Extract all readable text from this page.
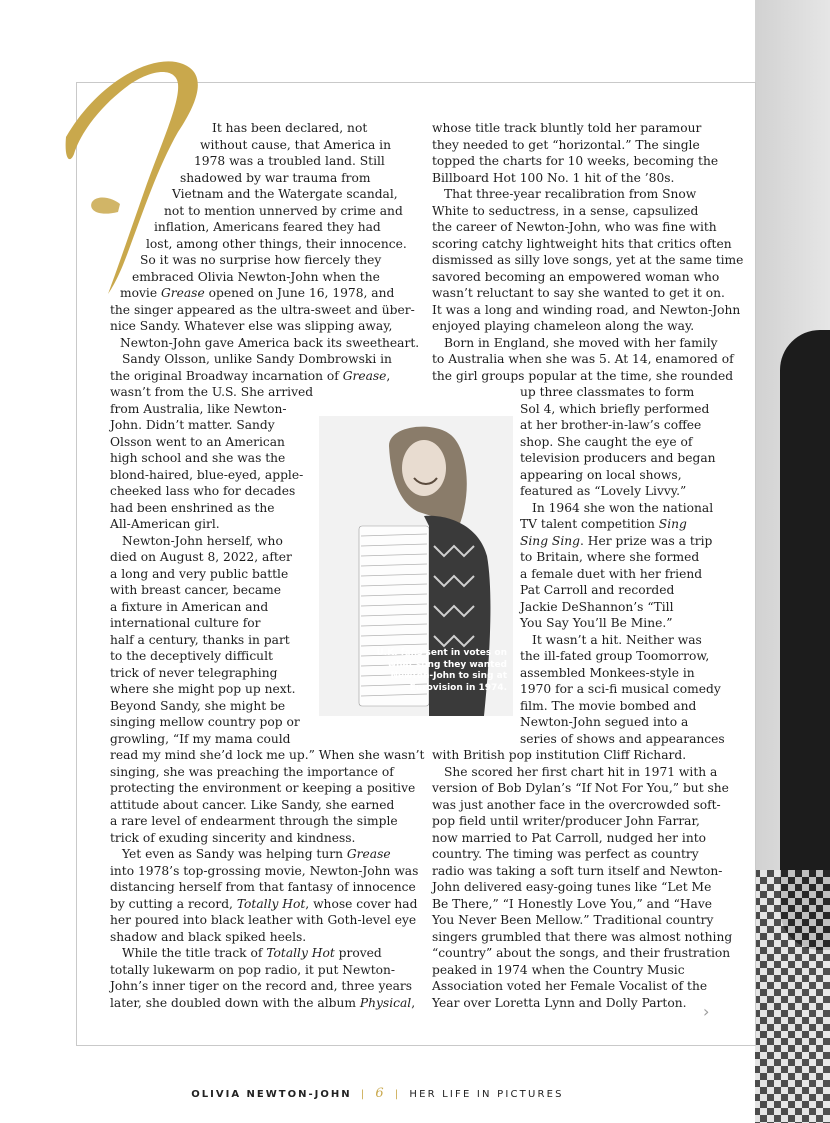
It has been declared, not
without cause, that America in
1978 was a troubled land. Still
shadowed by war trauma from
Vietnam and the Watergate scandal,
not to mention unnerved by crime and
inflation, Americans feared they had
lost, among other things, their innocence.
So it was no surprise how fiercely they
embraced Olivia Newton-John when the
movie Grease opened on June 16, 1978, and
the singer appeared as the ultra-sweet and über-
nice Sandy. Whatever else was slipping away,
Newton-John gave America back its sweetheart.
Sandy Olsson, unlike Sandy Dombrowski in
the original Broadway incarnation of Grease,
wasn’t from the U.S. She arrived
from Australia, like Newton-
John. Didn’t matter. Sandy
Olsson went to an American
high school and she was the
blond-haired, blue-eyed, apple-
cheeked lass who for decades
had been enshrined as the
All-American girl.
Newton-John herself, who
died on August 8, 2022, after
a long and very public battle
with breast cancer, became
a fixture in American and
international culture for
half a century, thanks in part
to the deceptively difficult
trick of never telegraphing
where she might pop up next.
Beyond Sandy, she might be
singing mellow country pop or
growling, “If my mama could
read my mind she’d lock me up.” When she wasn’t
singing, she was preaching the importance of
protecting the environment or keeping a positive
attitude about cancer. Like Sandy, she earned
a rare level of endearment through the simple
trick of exuding sincerity and kindness.
Yet even as Sandy was helping turn Grease
into 1978’s top-grossing movie, Newton-John was
distancing herself from that fantasy of innocence
by cutting a record, Totally Hot, whose cover had
her poured into black leather with Goth-level eye
shadow and black spiked heels.
While the title track of Totally Hot proved
totally lukewarm on pop radio, it put Newton-
John’s inner tiger on the record and, three years
later, she doubled down with the album Physical,
whose title track bluntly told her paramour
they needed to get “horizontal.” The single
topped the charts for 10 weeks, becoming the
Billboard Hot 100 No. 1 hit of the ’80s.
That three-year recalibration from Snow
White to seductress, in a sense, capsulized
the career of Newton-John, who was fine with
scoring catchy lightweight hits that critics often
dismissed as silly love songs, yet at the same time
savored becoming an empowered woman who
wasn’t reluctant to say she wanted to get it on.
It was a long and winding road, and Newton-John
enjoyed playing chameleon along the way.
Born in England, she moved with her family
to Australia when she was 5. At 14, enamored of
the girl groups popular at the time, she rounded
up three classmates to form
Sol 4, which briefly performed
at her brother-in-law’s coffee
shop. She caught the eye of
television producers and began
appearing on local shows,
featured as “Lovely Livvy.”
In 1964 she won the national
TV talent competition Sing
Sing Sing. Her prize was a trip
to Britain, where she formed
a female duet with her friend
Pat Carroll and recorded
Jackie DeShannon’s “Till
You Say You’ll Be Mine.”
It wasn’t a hit. Neither was
the ill-fated group Toomorrow,
assembled Monkees-style in
1970 for a sci-fi musical comedy
film. The movie bombed and
Newton-John segued into a
series of shows and appearances
with British pop institution Cliff Richard.
She scored her first chart hit in 1971 with a
version of Bob Dylan’s “If Not For You,” but she
was just another face in the overcrowded soft-
pop field until writer/producer John Farrar,
now married to Pat Carroll, nudged her into
country. The timing was perfect as country
radio was taking a soft turn itself and Newton-
John delivered easy-going tunes like “Let Me
Be There,” “I Honestly Love You,” and “Have
You Never Been Mellow.” Traditional country
singers grumbled that there was almost nothing
“country” about the songs, and their frustration
peaked in 1974 when the Country Music
Association voted her Female Vocalist of the
Year over Loretta Lynn and Dolly Parton.
U.K. fans sent in votes on
what song they wanted
Newton-John to sing at
Eurovision in 1974.
›
OLIVIA NEWTON-JOHN | 6 | HER LIFE IN PICTURES
